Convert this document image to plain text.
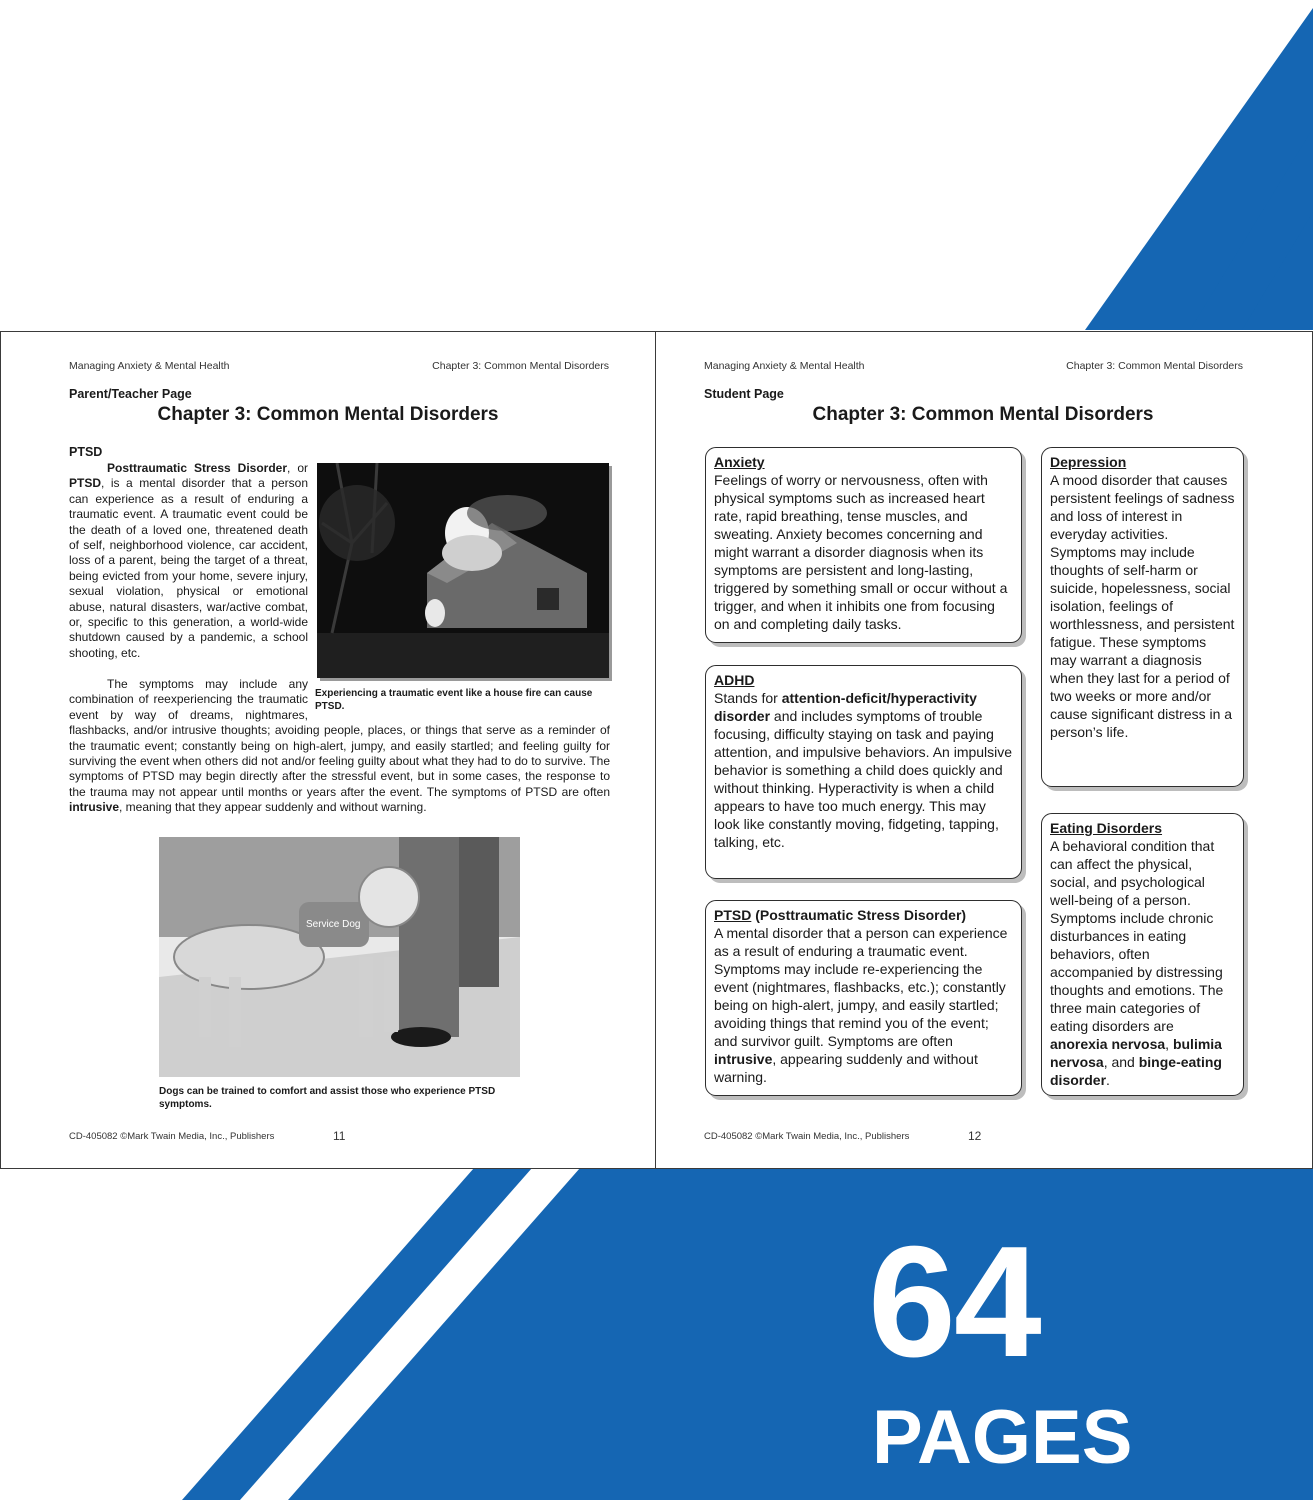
Managing Anxiety & Mental Health	Chapter 3: Common Mental Disorders
Parent/Teacher Page
Chapter 3: Common Mental Disorders
PTSD
Experiencing a traumatic event like a house fire can cause PTSD.
Posttraumatic Stress Disorder, or PTSD, is a mental disorder that a person can experience as a result of enduring a traumatic event. A traumatic event could be the death of a loved one, threatened death of self, neighborhood violence, car accident, loss of a parent, being the target of a threat, being evicted from your home, severe injury, sexual violation, physical or emotional abuse, natural disasters, war/active combat, or, specific to this generation, a world-wide shutdown caused by a pandemic, a school shooting, etc.
The symptoms may include any combination of reexperiencing the traumatic event by way of dreams, nightmares, flashbacks, and/or intrusive thoughts; avoiding people, places, or things that serve as a reminder of the traumatic event; constantly being on high-alert, jumpy, and easily startled; and feeling guilty for surviving the event when others did not and/or feeling guilty about what they had to do to survive. The symptoms of PTSD may begin directly after the stressful event, but in some cases, the response to the trauma may not appear until months or years after the event. The symptoms of PTSD are often intrusive, meaning that they appear suddenly and without warning.
Service Dog
Dogs can be trained to comfort and assist those who experience PTSD symptoms.
CD-405082 ©Mark Twain Media, Inc., Publishers	11
Managing Anxiety & Mental Health	Chapter 3: Common Mental Disorders
Student Page
Chapter 3: Common Mental Disorders
Anxiety
Feelings of worry or nervousness, often with physical symptoms such as increased heart rate, rapid breathing, tense muscles, and sweating. Anxiety becomes concerning and might warrant a disorder diagnosis when its symptoms are persistent and long-lasting, triggered by something small or occur without a trigger, and when it inhibits one from focusing on and completing daily tasks.
ADHD
Stands for attention-deficit/hyperactivity disorder and includes symptoms of trouble focusing, difficulty staying on task and paying attention, and impulsive behaviors. An impulsive behavior is something a child does quickly and without thinking. Hyperactivity is when a child appears to have too much energy. This may look like constantly moving, fidgeting, tapping, talking, etc.
PTSD (Posttraumatic Stress Disorder)
A mental disorder that a person can experience as a result of enduring a traumatic event. Symptoms may include re-experiencing the event (nightmares, flashbacks, etc.); constantly being on high-alert, jumpy, and easily startled; avoiding things that remind you of the event; and survivor guilt. Symptoms are often intrusive, appearing suddenly and without warning.
Depression
A mood disorder that causes persistent feelings of sadness and loss of interest in everyday activities. Symptoms may include thoughts of self-harm or suicide, hopelessness, social isolation, feelings of worthlessness, and persistent fatigue. These symptoms may warrant a diagnosis when they last for a period of two weeks or more and/or cause significant distress in a person’s life.
Eating Disorders
A behavioral condition that can affect the physical, social, and psychological well-being of a person. Symptoms include chronic disturbances in eating behaviors, often accompanied by distressing thoughts and emotions. The three main categories of eating disorders are anorexia nervosa, bulimia nervosa, and binge-eating disorder.
CD-405082 ©Mark Twain Media, Inc., Publishers	12
64
PAGES
